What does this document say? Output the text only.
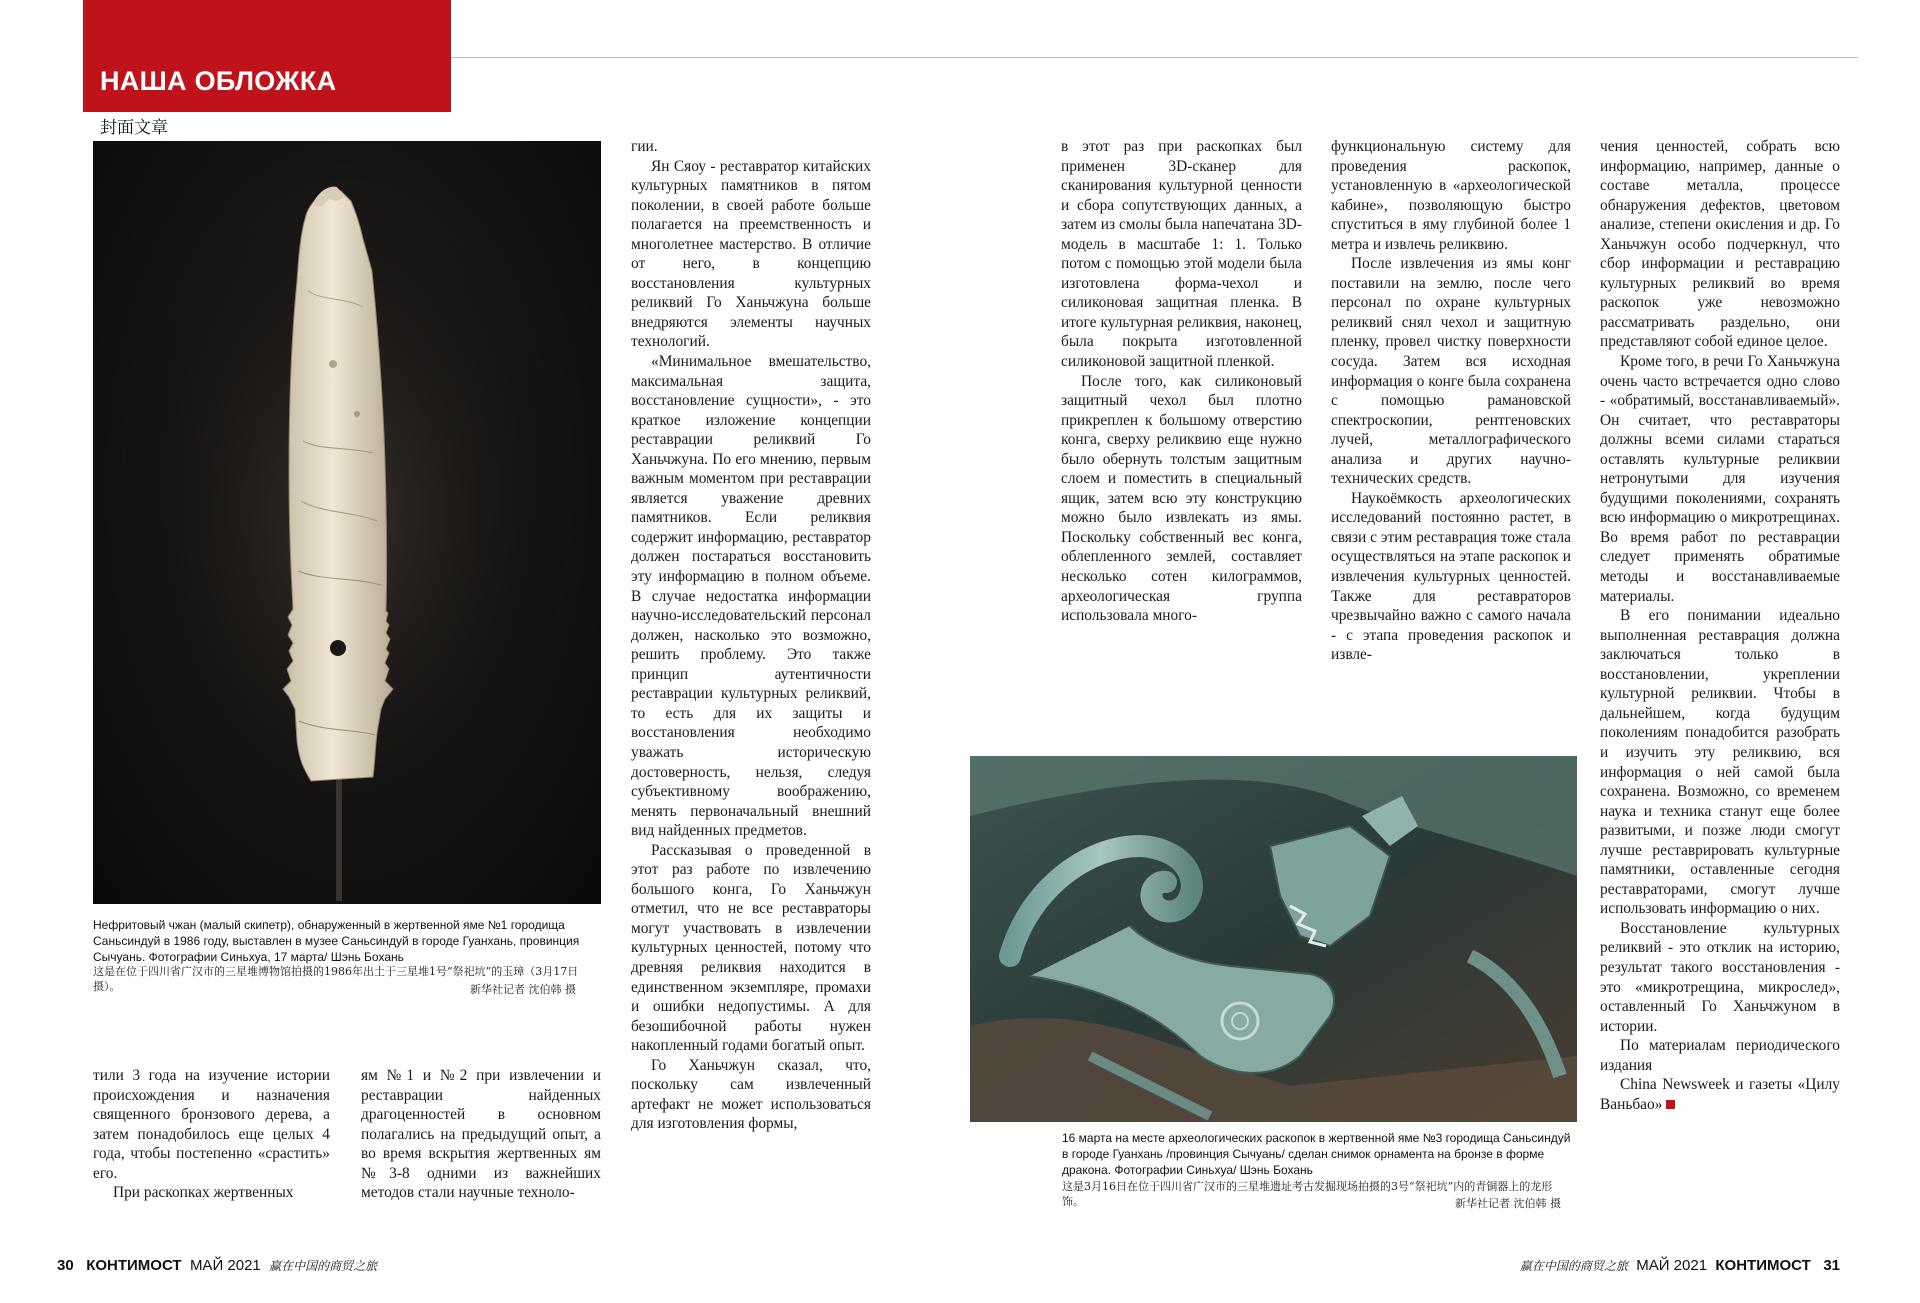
НАША ОБЛОЖКА
封面文章
Нефритовый чжан (малый скипетр), обнаруженный в жертвенной яме №1 городища Саньсиндуй в 1986 году, выставлен в музее Саньсиндуй в городе Гуанхань, провинция Сычуань. Фотографии Синьхуа, 17 марта/ Шэнь Бохань
这是在位于四川省广汉市的三星堆博物馆拍摄的1986年出土于三星堆1号“祭祀坑”的玉璋（3月17日摄）。	新华社记者 沈伯韩 摄
16 марта на месте археологических раскопок в жертвенной яме №3 городища Саньсиндуй в городе Гуанхань /провинция Сычуань/ сделан снимок орнамента на бронзе в форме дракона. Фотографии Синьхуа/ Шэнь Бохань
这是3月16日在位于四川省广汉市的三星堆遗址考古发掘现场拍摄的3号“祭祀坑”内的青铜器上的龙形饰。	新华社记者 沈伯韩 摄

тили 3 года на изучение истории происхождения и назначения священного бронзового дерева, а затем понадобилось еще целых 4 года, чтобы постепенно «срастить» его.

При раскопках жертвенных

ям №1 и №2 при извлечении и реставрации найденных драгоценностей в основном полагались на предыдущий опыт, а во время вскрытия жертвенных ям №3-8 одними из важнейших методов стали научные техноло-

гии.

Ян Сяоу - реставратор китайских культурных памятников в пятом поколении, в своей работе больше полагается на преемственность и многолетнее мастерство. В отличие от него, в концепцию восстановления культурных реликвий Го Ханьчжуна больше внедряются элементы научных технологий.

«Минимальное вмешательство, максимальная защита, восстановление сущности», - это краткое изложение концепции реставрации реликвий Го Ханьчжуна. По его мнению, первым важным моментом при реставрации является уважение древних памятников. Если реликвия содержит информацию, реставратор должен постараться восстановить эту информацию в полном объеме. В случае недостатка информации научно-исследовательский персонал должен, насколько это возможно, решить проблему. Это также принцип аутентичности реставрации культурных реликвий, то есть для их защиты и восстановления необходимо уважать историческую достоверность, нельзя, следуя субъективному воображению, менять первоначальный внешний вид найденных предметов.

Рассказывая о проведенной в этот раз работе по извлечению большого конга, Го Ханьчжун отметил, что не все реставраторы могут участвовать в извлечении культурных ценностей, потому что древняя реликвия находится в единственном экземпляре, промахи и ошибки недопустимы. А для безошибочной работы нужен накопленный годами богатый опыт.

Го Ханьчжун сказал, что, поскольку сам извлеченный артефакт не может использоваться для изготовления формы,

в этот раз при раскопках был применен 3D-сканер для сканирования культурной ценности и сбора сопутствующих данных, а затем из смолы была напечатана 3D-модель в масштабе 1: 1. Только потом с помощью этой модели была изготовлена форма-чехол и силиконовая защитная пленка. В итоге культурная реликвия, наконец, была покрыта изготовленной силиконовой защитной пленкой.

После того, как силиконовый защитный чехол был плотно прикреплен к большому отверстию конга, сверху реликвию еще нужно было обернуть толстым защитным слоем и поместить в специальный ящик, затем всю эту конструкцию можно было извлекать из ямы. Поскольку собственный вес конга, облепленного землей, составляет несколько сотен килограммов, археологическая группа использовала много-

функциональную систему для проведения раскопок, установленную в «археологической кабине», позволяющую быстро спуститься в яму глубиной более 1 метра и извлечь реликвию.

После извлечения из ямы конг поставили на землю, после чего персонал по охране культурных реликвий снял чехол и защитную пленку, провел чистку поверхности сосуда. Затем вся исходная информация о конге была сохранена с помощью рамановской спектроскопии, рентгеновских лучей, металлографического анализа и других научно-технических средств.

Наукоёмкость археологических исследований постоянно растет, в связи с этим реставрация тоже стала осуществляться на этапе раскопок и извлечения культурных ценностей. Также для реставраторов чрезвычайно важно с самого начала - с этапа проведения раскопок и извле-

чения ценностей, собрать всю информацию, например, данные о составе металла, процессе обнаружения дефектов, цветовом анализе, степени окисления и др. Го Ханьчжун особо подчеркнул, что сбор информации и реставрацию культурных реликвий во время раскопок уже невозможно рассматривать раздельно, они представляют собой единое целое.

Кроме того, в речи Го Ханьчжуна очень часто встречается одно слово - «обратимый, восстанавливаемый». Он считает, что реставраторы должны всеми силами стараться оставлять культурные реликвии нетронутыми для изучения будущими поколениями, сохранять всю информацию о микротрещинах. Во время работ по реставрации следует применять обратимые методы и восстанавливаемые материалы.

В его понимании идеально выполненная реставрация должна заключаться только в восстановлении, укреплении культурной реликвии. Чтобы в дальнейшем, когда будущим поколениям понадобится разобрать и изучить эту реликвию, вся информация о ней самой была сохранена. Возможно, со временем наука и техника станут еще более развитыми, и позже люди смогут лучше реставрировать культурные памятники, оставленные сегодня реставраторами, смогут лучше использовать информацию о них.

Восстановление культурных реликвий - это отклик на историю, результат такого восстановления - это «микротрещина, микрослед», оставленный Го Ханьчжуном в истории.

По материалам периодического издания

China Newsweek и газеты «Цилу Ваньбао»

30 КОНТИМОСТ МАЙ 2021 赢在中国的商贸之旅	赢在中国的商贸之旅 МАЙ 2021 КОНТИМОСТ 31
